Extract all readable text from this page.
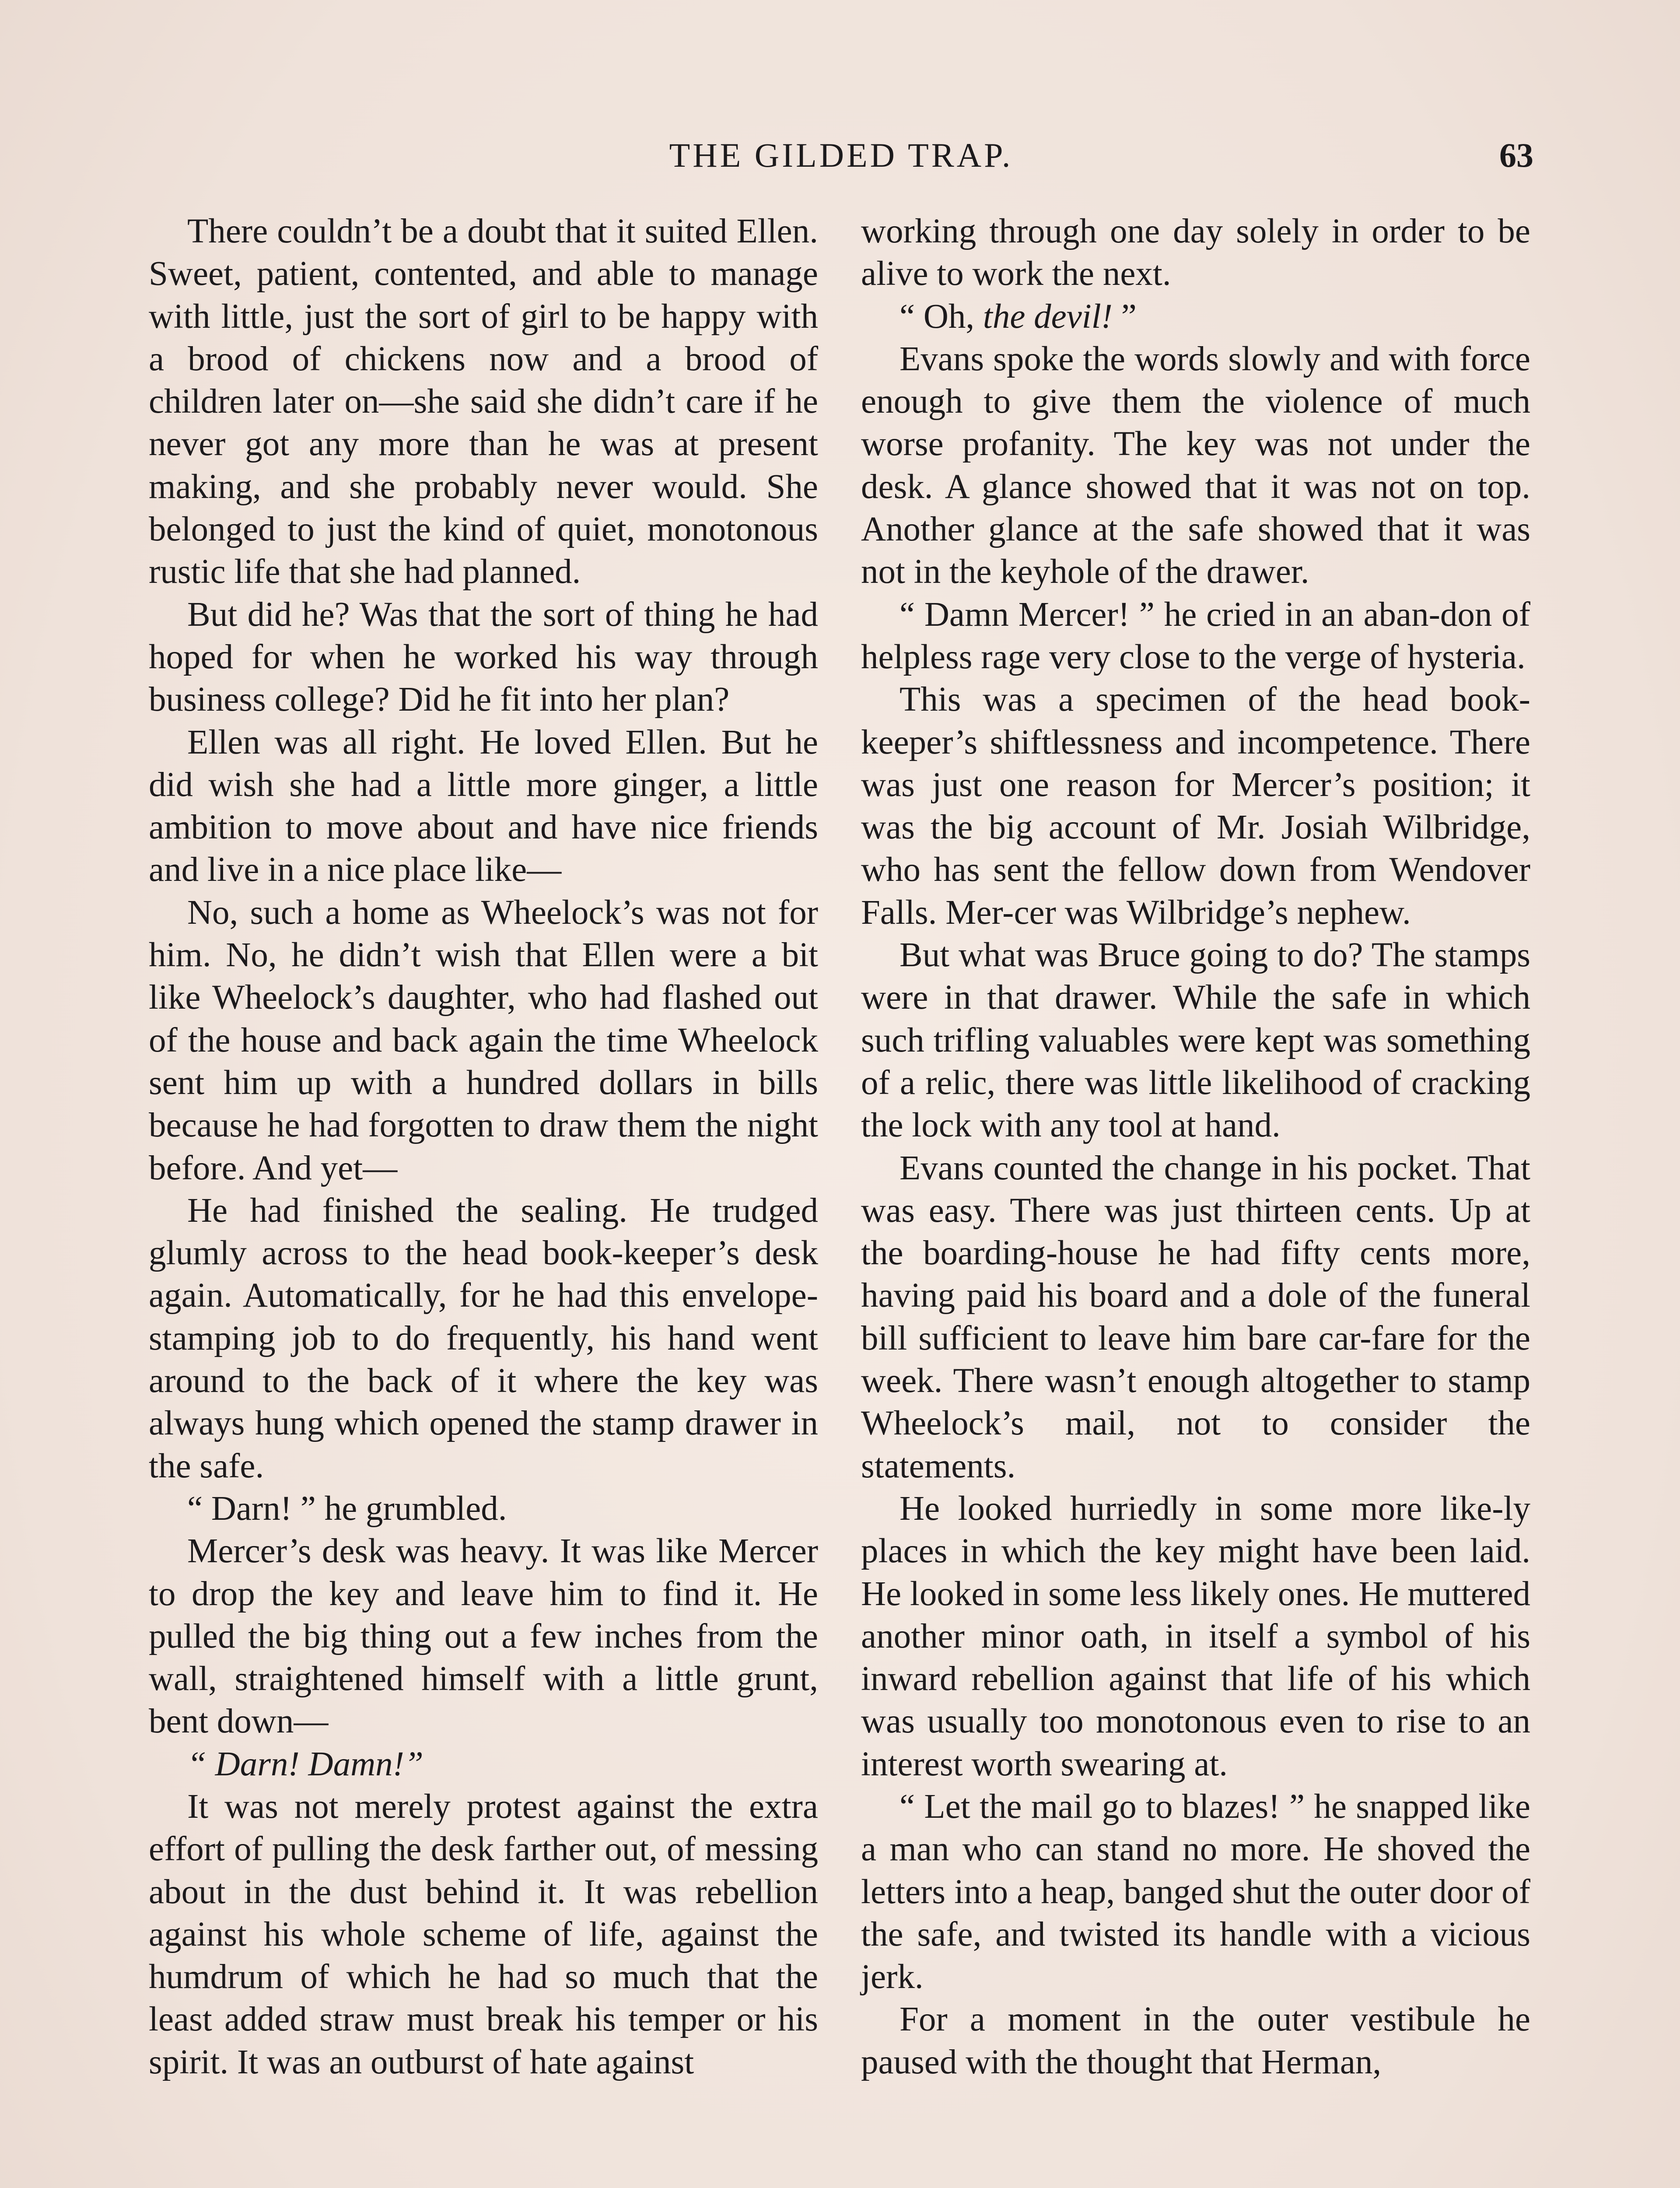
THE GILDED TRAP.	63

There couldn’t be a doubt that it suited Ellen. Sweet, patient, contented, and able to manage with little, just the sort of girl to be happy with a brood of chickens now and a brood of children later on—she said she didn’t care if he never got any more than he was at present making, and she probably never would. She belonged to just the kind of quiet, monotonous rustic life that she had planned.

But did he? Was that the sort of thing he had hoped for when he worked his way through business college? Did he fit into her plan?

Ellen was all right. He loved Ellen. But he did wish she had a little more ginger, a little ambition to move about and have nice friends and live in a nice place like—

No, such a home as Wheelock’s was not for him. No, he didn’t wish that Ellen were a bit like Wheelock’s daughter, who had flashed out of the house and back again the time Wheelock sent him up with a hundred dollars in bills because he had forgotten to draw them the night before. And yet—

He had finished the sealing. He trudged glumly across to the head book-keeper’s desk again. Automatically, for he had this envelope-stamping job to do frequently, his hand went around to the back of it where the key was always hung which opened the stamp drawer in the safe.

“ Darn! ” he grumbled.

Mercer’s desk was heavy. It was like Mercer to drop the key and leave him to find it. He pulled the big thing out a few inches from the wall, straightened himself with a little grunt, bent down—

“ Darn! Damn!”

It was not merely protest against the extra effort of pulling the desk farther out, of messing about in the dust behind it. It was rebellion against his whole scheme of life, against the humdrum of which he had so much that the least added straw must break his temper or his spirit. It was an outburst of hate against

working through one day solely in order to be alive to work the next.

“ Oh, the devil! ”

Evans spoke the words slowly and with force enough to give them the violence of much worse profanity. The key was not under the desk. A glance showed that it was not on top. Another glance at the safe showed that it was not in the keyhole of the drawer.

“ Damn Mercer! ” he cried in an aban-don of helpless rage very close to the verge of hysteria.

This was a specimen of the head book-keeper’s shiftlessness and incompetence. There was just one reason for Mercer’s position; it was the big account of Mr. Josiah Wilbridge, who has sent the fellow down from Wendover Falls. Mer-cer was Wilbridge’s nephew.

But what was Bruce going to do? The stamps were in that drawer. While the safe in which such trifling valuables were kept was something of a relic, there was little likelihood of cracking the lock with any tool at hand.

Evans counted the change in his pocket. That was easy. There was just thirteen cents. Up at the boarding-house he had fifty cents more, having paid his board and a dole of the funeral bill sufficient to leave him bare car-fare for the week. There wasn’t enough altogether to stamp Wheelock’s mail, not to consider the statements.

He looked hurriedly in some more like-ly places in which the key might have been laid. He looked in some less likely ones. He muttered another minor oath, in itself a symbol of his inward rebellion against that life of his which was usually too monotonous even to rise to an interest worth swearing at.

“ Let the mail go to blazes! ” he snapped like a man who can stand no more. He shoved the letters into a heap, banged shut the outer door of the safe, and twisted its handle with a vicious jerk.

For a moment in the outer vestibule he paused with the thought that Herman,
